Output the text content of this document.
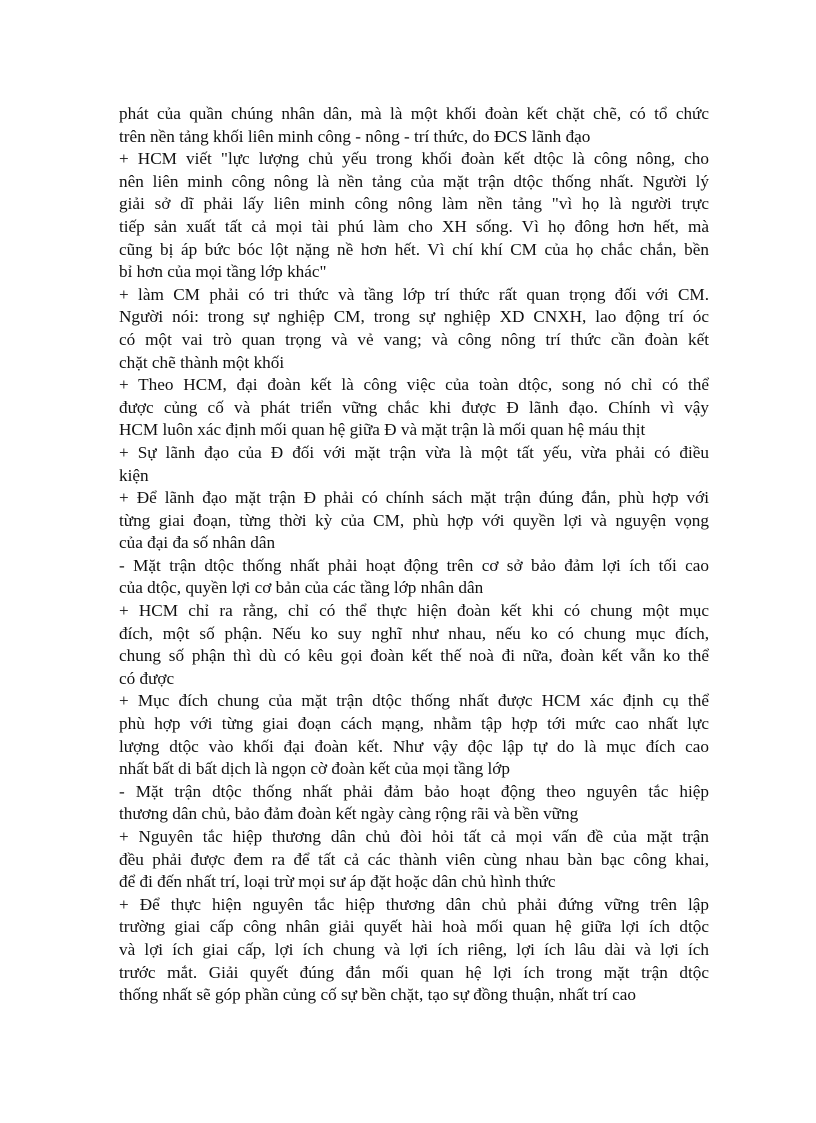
phát của quần chúng nhân dân, mà là một khối đoàn kết chặt chẽ, có tổ chức
trên nền tảng khối liên minh công - nông - trí thức, do ĐCS lãnh đạo
+ HCM viết "lực lượng chủ yếu trong khối đoàn kết dtộc là công nông, cho
nên liên minh công nông là nền tảng của mặt trận dtộc thống nhất. Người lý
giải sở dĩ phải lấy liên minh công nông làm nền tảng "vì họ là người trực
tiếp sản xuất tất cả mọi tài phú làm cho XH sống. Vì họ đông hơn hết, mà
cũng bị áp bức bóc lột nặng nề hơn hết. Vì chí khí CM của họ chắc chắn, bền
bỉ hơn của mọi tầng lớp khác"
+ làm CM phải có tri thức và tầng lớp trí thức rất quan trọng đối với CM.
Người nói: trong sự nghiệp CM, trong sự nghiệp XD CNXH, lao động trí óc
có một vai trò quan trọng và vẻ vang; và công nông trí thức cần đoàn kết
chặt chẽ thành một khối
+ Theo HCM, đại đoàn kết là công việc của toàn dtộc, song nó chỉ có thể
được củng cố và phát triển vững chắc khi được Đ lãnh đạo. Chính vì vậy
HCM luôn xác định mối quan hệ giữa Đ và mặt trận là mối quan hệ máu thịt
+ Sự lãnh đạo của Đ đối với mặt trận vừa là một tất yếu, vừa phải có điều
kiện
+ Để lãnh đạo mặt trận Đ phải có chính sách mặt trận đúng đắn, phù hợp với
từng giai đoạn, từng thời kỳ của CM, phù hợp với quyền lợi và nguyện vọng
của đại đa số nhân dân
- Mặt trận dtộc thống nhất phải hoạt động trên cơ sở bảo đảm lợi ích tối cao
của dtộc, quyền lợi cơ bản của các tầng lớp nhân dân
+ HCM chỉ ra rằng, chỉ có thể thực hiện đoàn kết khi có chung một mục
đích, một số phận. Nếu ko suy nghĩ như nhau, nếu ko có chung mục đích,
chung số phận thì dù có kêu gọi đoàn kết thế noà đi nữa, đoàn kết vẫn ko thể
có được
+ Mục đích chung của mặt trận dtộc thống nhất được HCM xác định cụ thể
phù hợp với từng giai đoạn cách mạng, nhằm tập hợp tới mức cao nhất lực
lượng dtộc vào khối đại đoàn kết. Như vậy độc lập tự do là mục đích cao
nhất bất di bất dịch là ngọn cờ đoàn kết của mọi tầng lớp
- Mặt trận dtộc thống nhất phải đảm bảo hoạt động theo nguyên tắc hiệp
thương dân chủ, bảo đảm đoàn kết ngày càng rộng rãi và bền vững
+ Nguyên tắc hiệp thương dân chủ đòi hỏi tất cả mọi vấn đề của mặt trận
đều phải được đem ra để tất cả các thành viên cùng nhau bàn bạc công khai,
để đi đến nhất trí, loại trừ mọi sư áp đặt hoặc dân chủ hình thức
+ Để thực hiện nguyên tắc hiệp thương dân chủ phải đứng vững trên lập
trường giai cấp công nhân giải quyết hài hoà mối quan hệ giữa lợi ích dtộc
và lợi ích giai cấp, lợi ích chung và lợi ích riêng, lợi ích lâu dài và lợi ích
trước mắt. Giải quyết đúng đắn mối quan hệ lợi ích trong mặt trận dtộc
thống nhất sẽ góp phần củng cố sự bền chặt, tạo sự đồng thuận, nhất trí cao
